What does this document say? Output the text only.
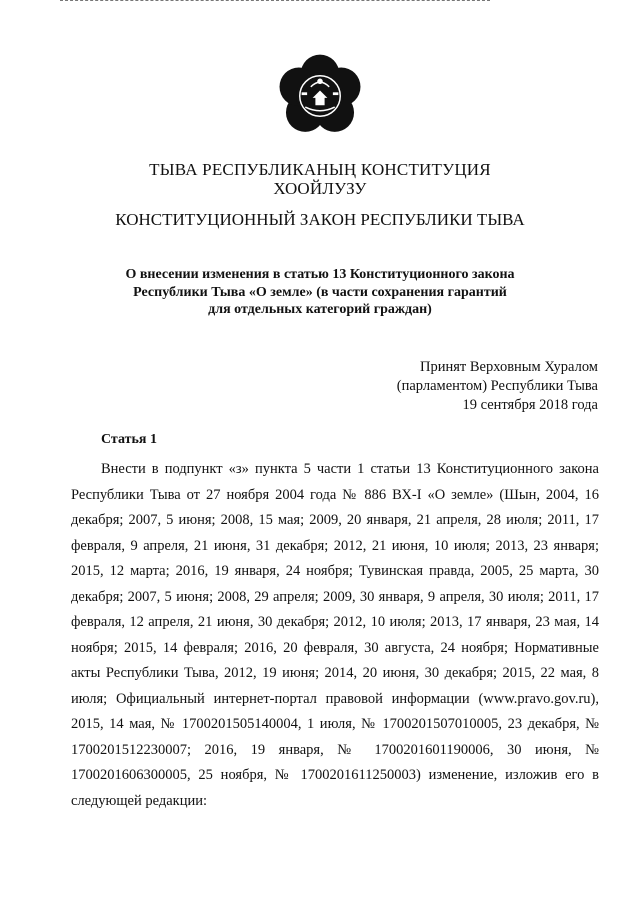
ТЫВА РЕСПУБЛИКАНЫҢ КОНСТИТУЦИЯ
ХООЙЛУЗУ
КОНСТИТУЦИОННЫЙ ЗАКОН РЕСПУБЛИКИ ТЫВА
О внесении изменения в статью 13 Конституционного закона
Республики Тыва «О земле» (в части сохранения гарантий
для отдельных категорий граждан)
Принят Верховным Хуралом
(парламентом) Республики Тыва
19 сентября 2018 года
Статья 1

Внести в подпункт «з» пункта 5 части 1 статьи 13 Конституционного закона Республики Тыва от 27 ноября 2004 года № 886 ВХ-I «О земле» (Шын, 2004, 16 декабря; 2007, 5 июня; 2008, 15 мая; 2009, 20 января, 21 апреля, 28 июля; 2011, 17 февраля, 9 апреля, 21 июня, 31 декабря; 2012, 21 июня, 10 июля; 2013, 23 января; 2015, 12 марта; 2016, 19 января, 24 ноября; Тувинская правда, 2005, 25 марта, 30 декабря; 2007, 5 июня; 2008, 29 апреля; 2009, 30 января, 9 апреля, 30 июля; 2011, 17 февраля, 12 апреля, 21 июня, 30 декабря; 2012, 10 июля; 2013, 17 января, 23 мая, 14 ноября; 2015, 14 февраля; 2016, 20 февраля, 30 августа, 24 ноября; Нормативные акты Республики Тыва, 2012, 19 июня; 2014, 20 июня, 30 декабря; 2015, 22 мая, 8 июля; Официальный интернет-портал правовой информации (www.pravo.gov.ru), 2015, 14 мая, № 1700201505140004, 1 июля, № 1700201507010005, 23 декабря, № 1700201512230007; 2016, 19 января, № 1700201601190006, 30 июня, № 1700201606300005, 25 ноября, № 1700201611250003) изменение, изложив его в следующей редакции:
